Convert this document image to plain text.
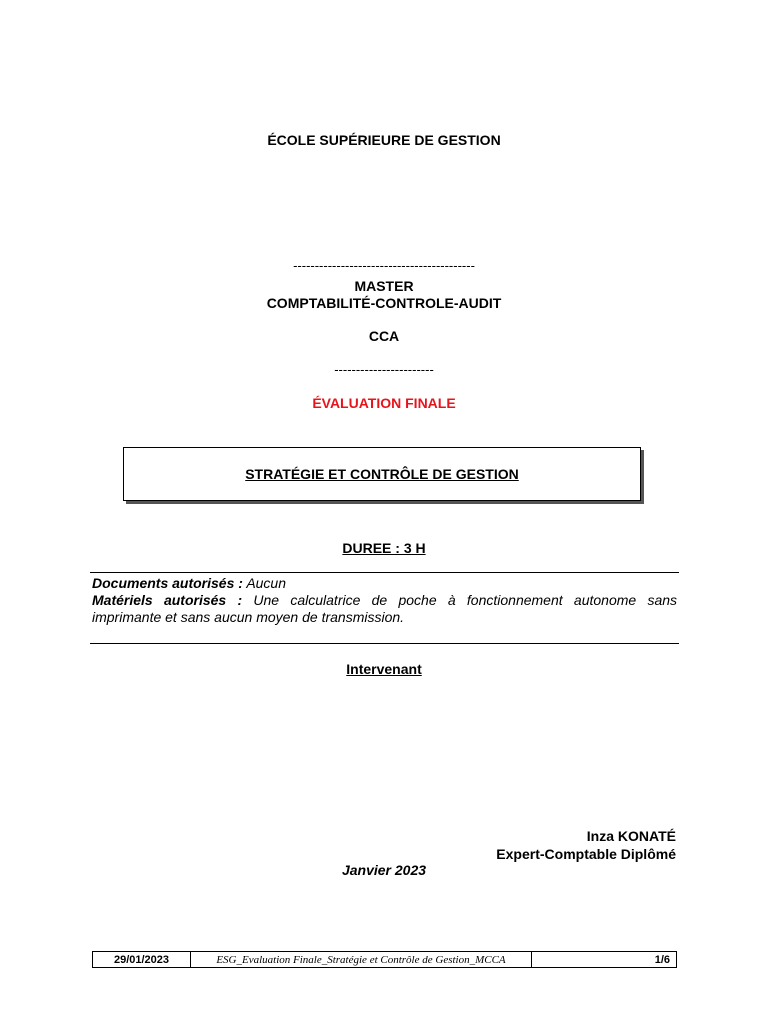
ÉCOLE SUPÉRIEURE DE GESTION
------------------------------------------
MASTER
COMPTABILITÉ-CONTROLE-AUDIT
CCA
-----------------------
ÉVALUATION FINALE
STRATÉGIE ET CONTRÔLE DE GESTION
DUREE : 3 H
Documents autorisés : Aucun
Matériels autorisés : Une calculatrice de poche à fonctionnement autonome sans
imprimante et sans aucun moyen de transmission.
Intervenant
Inza KONATÉ
Expert-Comptable Diplômé
Janvier 2023
29/01/2023	ESG_Evaluation Finale_Stratégie et Contrôle de Gestion_MCCA	1/6
